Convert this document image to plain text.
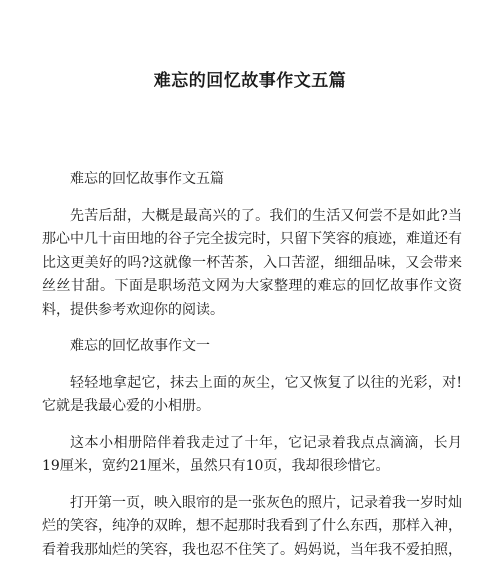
难忘的回忆故事作文五篇

难忘的回忆故事作文五篇

先苦后甜，大概是最高兴的了。我们的生活又何尝不是如此?当那心中几十亩田地的谷子完全拔完时，只留下笑容的痕迹，难道还有比这更美好的吗?这就像一杯苦茶，入口苦涩，细细品味，又会带来丝丝甘甜。下面是职场范文网为大家整理的难忘的回忆故事作文资料，提供参考欢迎你的阅读。

难忘的回忆故事作文一

轻轻地拿起它，抹去上面的灰尘，它又恢复了以往的光彩，对!它就是我最心爱的小相册。

这本小相册陪伴着我走过了十年，它记录着我点点滴滴，长月19厘米，宽约21厘米，虽然只有10页，我却很珍惜它。

打开第一页，映入眼帘的是一张灰色的照片，记录着我一岁时灿烂的笑容，纯净的双眸，想不起那时我看到了什么东西，那样入神，看着我那灿烂的笑容，我也忍不住笑了。妈妈说，当年我不爱拍照，
